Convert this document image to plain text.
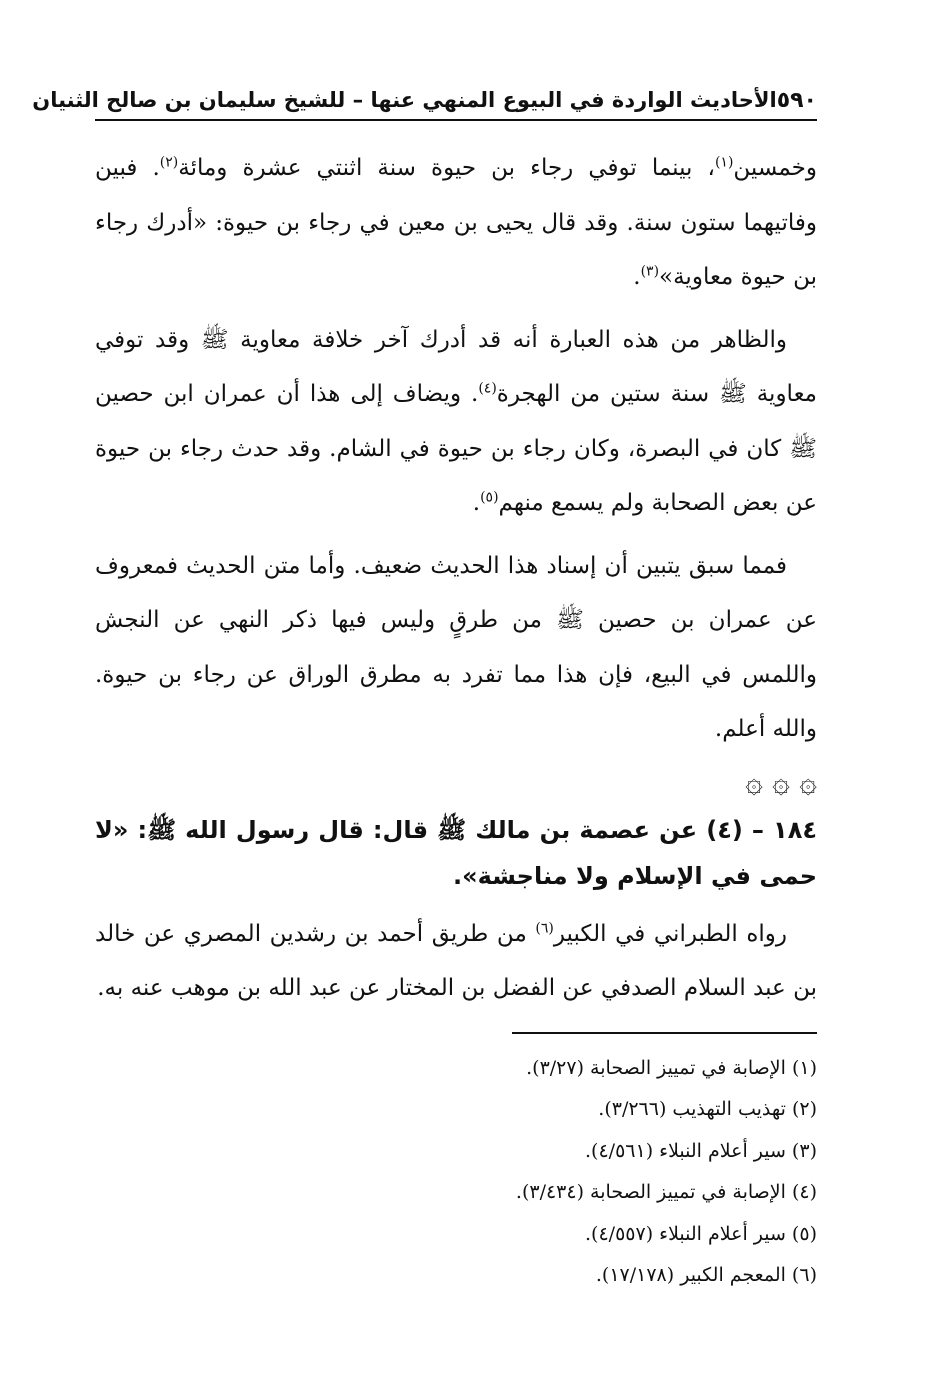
٥٩٠
الأحاديث الواردة في البيوع المنهي عنها – للشيخ سليمان بن صالح الثنيان

وخمسين$^{(١)}$، بينما توفي رجاء بن حيوة سنة اثنتي عشرة ومائة$^{(٢)}$. فبين وفاتيهما ستون سنة. وقد قال يحيى بن معين في رجاء بن حيوة: «أدرك رجاء بن حيوة معاوية»$^{(٣)}$.

والظاهر من هذه العبارة أنه قد أدرك آخر خلافة معاوية ﷺ وقد توفي معاوية ﷺ سنة ستين من الهجرة$^{(٤)}$. ويضاف إلى هذا أن عمران ابن حصين ﷺ كان في البصرة، وكان رجاء بن حيوة في الشام. وقد حدث رجاء بن حيوة عن بعض الصحابة ولم يسمع منهم$^{(٥)}$.

فمما سبق يتبين أن إسناد هذا الحديث ضعيف. وأما متن الحديث فمعروف عن عمران بن حصين ﷺ من طرقٍ وليس فيها ذكر النهي عن النجش واللمس في البيع، فإن هذا مما تفرد به مطرق الوراق عن رجاء بن حيوة. والله أعلم.

۞ ۞ ۞

١٨٤ – (٤) عن عصمة بن مالك ﷺ قال: قال رسول الله ﷺ: «لا حمى في الإسلام ولا مناجشة».

رواه الطبراني في الكبير$^{(٦)}$ من طريق أحمد بن رشدين المصري عن خالد بن عبد السلام الصدفي عن الفضل بن المختار عن عبد الله بن موهب عنه به.

(١) الإصابة في تمييز الصحابة (٣/٢٧).
(٢) تهذيب التهذيب (٣/٢٦٦).
(٣) سير أعلام النبلاء (٤/٥٦١).
(٤) الإصابة في تمييز الصحابة (٣/٤٣٤).
(٥) سير أعلام النبلاء (٤/٥٥٧).
(٦) المعجم الكبير (١٧/١٧٨).
